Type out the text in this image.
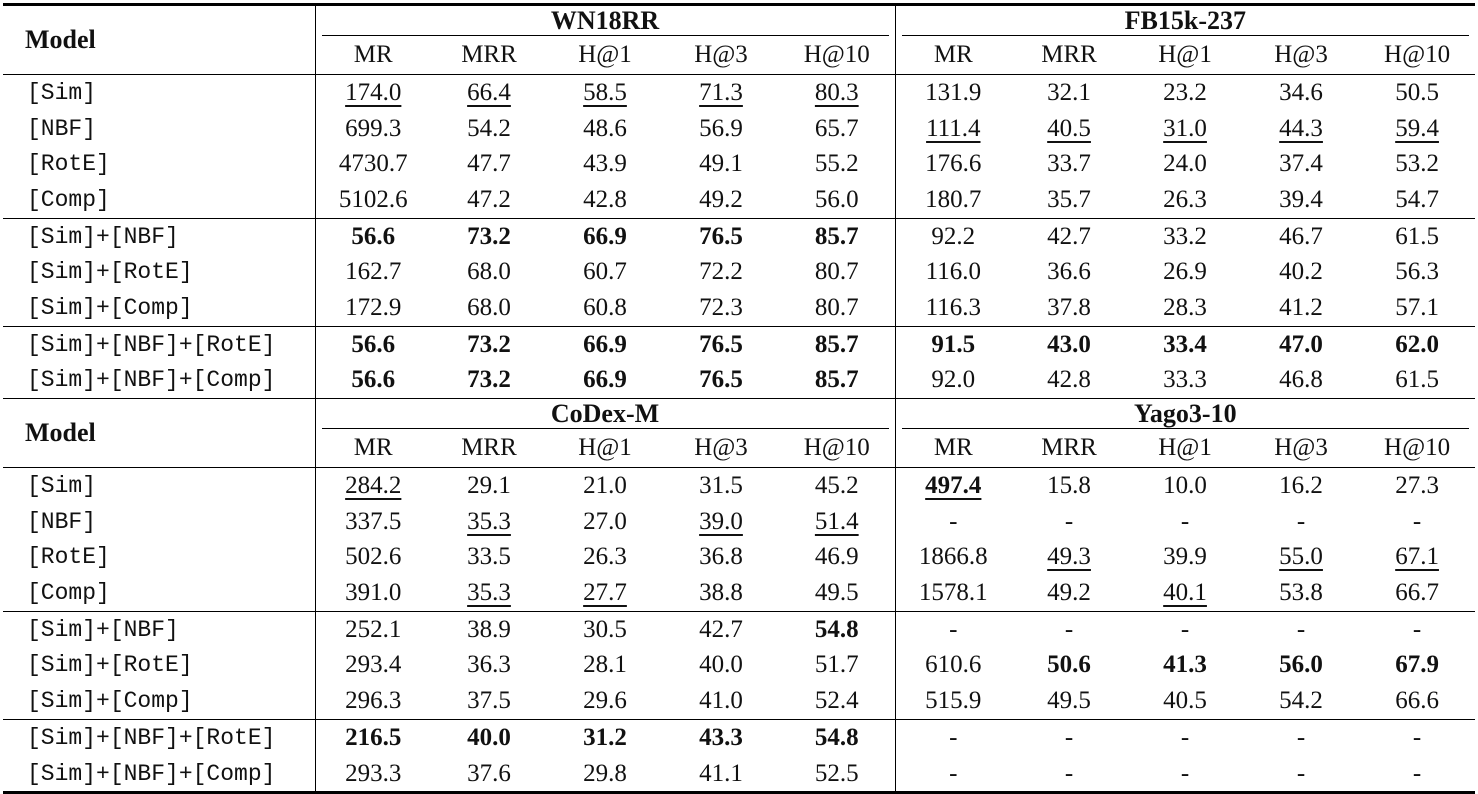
Model	WN18RR					FB15k-237				

	MR	MRR	H@1	H@3	H@10	MR	MRR	H@1	H@3	H@10
[Sim]	174.0	66.4	58.5	71.3	80.3	131.9	32.1	23.2	34.6	50.5
[NBF]	699.3	54.2	48.6	56.9	65.7	111.4	40.5	31.0	44.3	59.4
[RotE]	4730.7	47.7	43.9	49.1	55.2	176.6	33.7	24.0	37.4	53.2
[Comp]	5102.6	47.2	42.8	49.2	56.0	180.7	35.7	26.3	39.4	54.7
[Sim]+[NBF]	56.6	73.2	66.9	76.5	85.7	92.2	42.7	33.2	46.7	61.5
[Sim]+[RotE]	162.7	68.0	60.7	72.2	80.7	116.0	36.6	26.9	40.2	56.3
[Sim]+[Comp]	172.9	68.0	60.8	72.3	80.7	116.3	37.8	28.3	41.2	57.1
[Sim]+[NBF]+[RotE]	56.6	73.2	66.9	76.5	85.7	91.5	43.0	33.4	47.0	62.0
[Sim]+[NBF]+[Comp]	56.6	73.2	66.9	76.5	85.7	92.0	42.8	33.3	46.8	61.5
Model	CoDex-M					Yago3-10				

	MR	MRR	H@1	H@3	H@10	MR	MRR	H@1	H@3	H@10
[Sim]	284.2	29.1	21.0	31.5	45.2	497.4	15.8	10.0	16.2	27.3
[NBF]	337.5	35.3	27.0	39.0	51.4	-	-	-	-	-
[RotE]	502.6	33.5	26.3	36.8	46.9	1866.8	49.3	39.9	55.0	67.1
[Comp]	391.0	35.3	27.7	38.8	49.5	1578.1	49.2	40.1	53.8	66.7
[Sim]+[NBF]	252.1	38.9	30.5	42.7	54.8	-	-	-	-	-
[Sim]+[RotE]	293.4	36.3	28.1	40.0	51.7	610.6	50.6	41.3	56.0	67.9
[Sim]+[Comp]	296.3	37.5	29.6	41.0	52.4	515.9	49.5	40.5	54.2	66.6
[Sim]+[NBF]+[RotE]	216.5	40.0	31.2	43.3	54.8	-	-	-	-	-
[Sim]+[NBF]+[Comp]	293.3	37.6	29.8	41.1	52.5	-	-	-	-	-
